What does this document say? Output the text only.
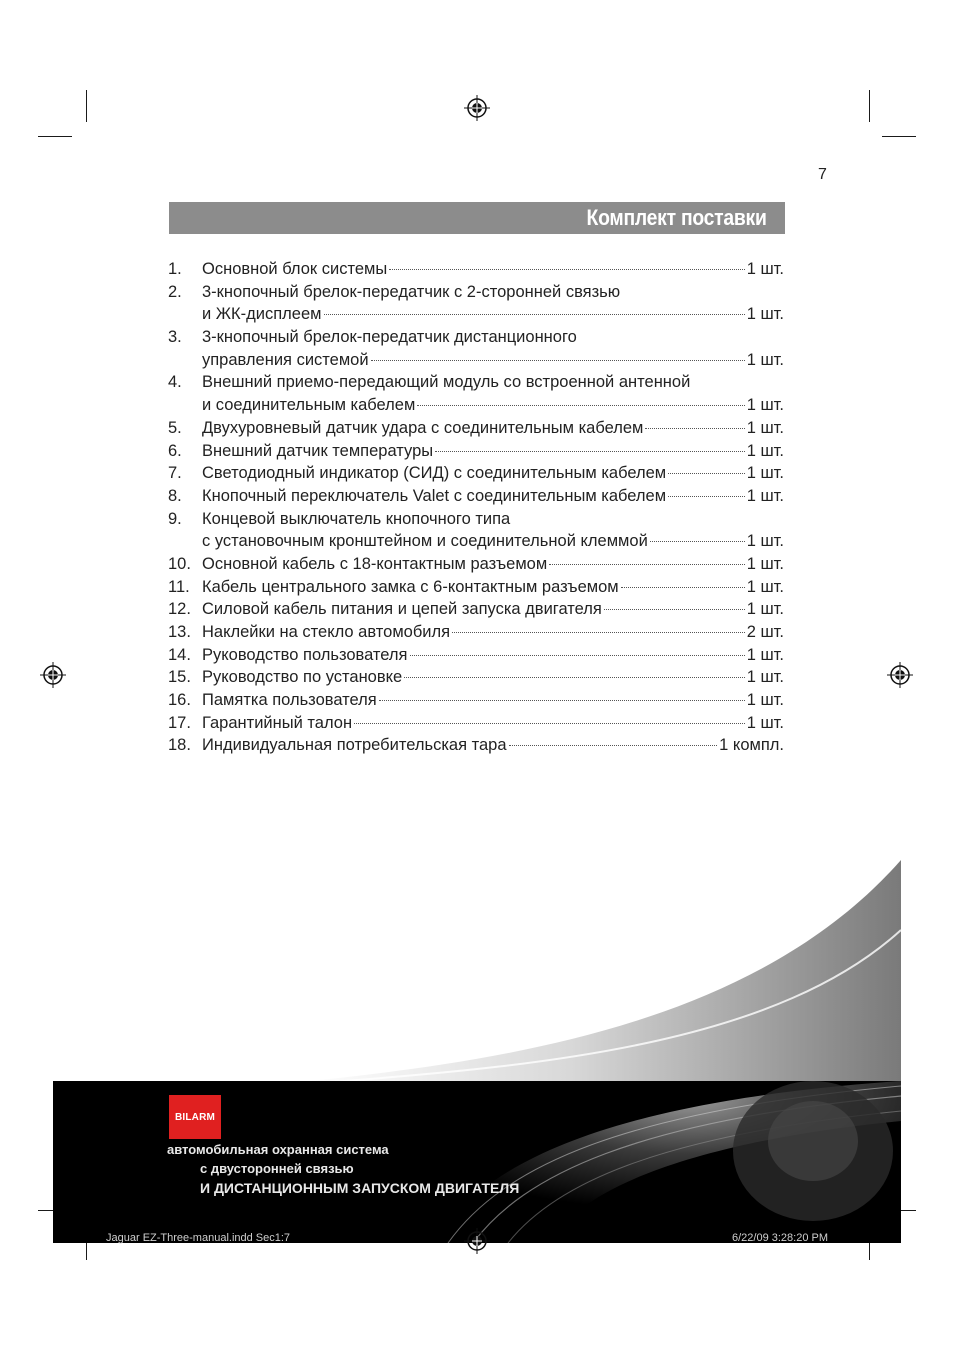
7
Комплект поставки
1.	Основной блок системы	1 шт.
2.	3-кнопочный брелок-передатчик с 2-сторонней связью
и ЖК-дисплеем	1 шт.
3.	3-кнопочный брелок-передатчик дистанционного
управления системой	1 шт.
4.	Внешний приемо-передающий модуль со встроенной антенной
и соединительным кабелем	1 шт.
5.	Двухуровневый датчик удара с соединительным кабелем	1 шт.
6.	Внешний датчик температуры	1 шт.
7.	Светодиодный индикатор (СИД) с соединительным кабелем	1 шт.
8.	Кнопочный переключатель Valet с соединительным кабелем	1 шт.
9.	Концевой выключатель кнопочного типа
с установочным кронштейном и соединительной клеммой	1 шт.
10. Основной кабель с 18-контактным разъемом	1 шт.
11. Кабель центрального замка с 6-контактным разъемом	1 шт.
12. Силовой кабель питания и цепей запуска двигателя	1 шт.
13. Наклейки на стекло автомобиля	2 шт.
14. Руководство пользователя	1 шт.
15. Руководство по установке	1 шт.
16. Памятка пользователя	1 шт.
17. Гарантийный талон	1 шт.
18. Индивидуальная потребительская тара	1 компл.
BILARM
автомобильная охранная система
с двусторонней связью
И ДИСТАНЦИОННЫМ ЗАПУСКОМ ДВИГАТЕЛЯ
Jaguar EZ-Three-manual.indd Sec1:7	6/22/09 3:28:20 PM
